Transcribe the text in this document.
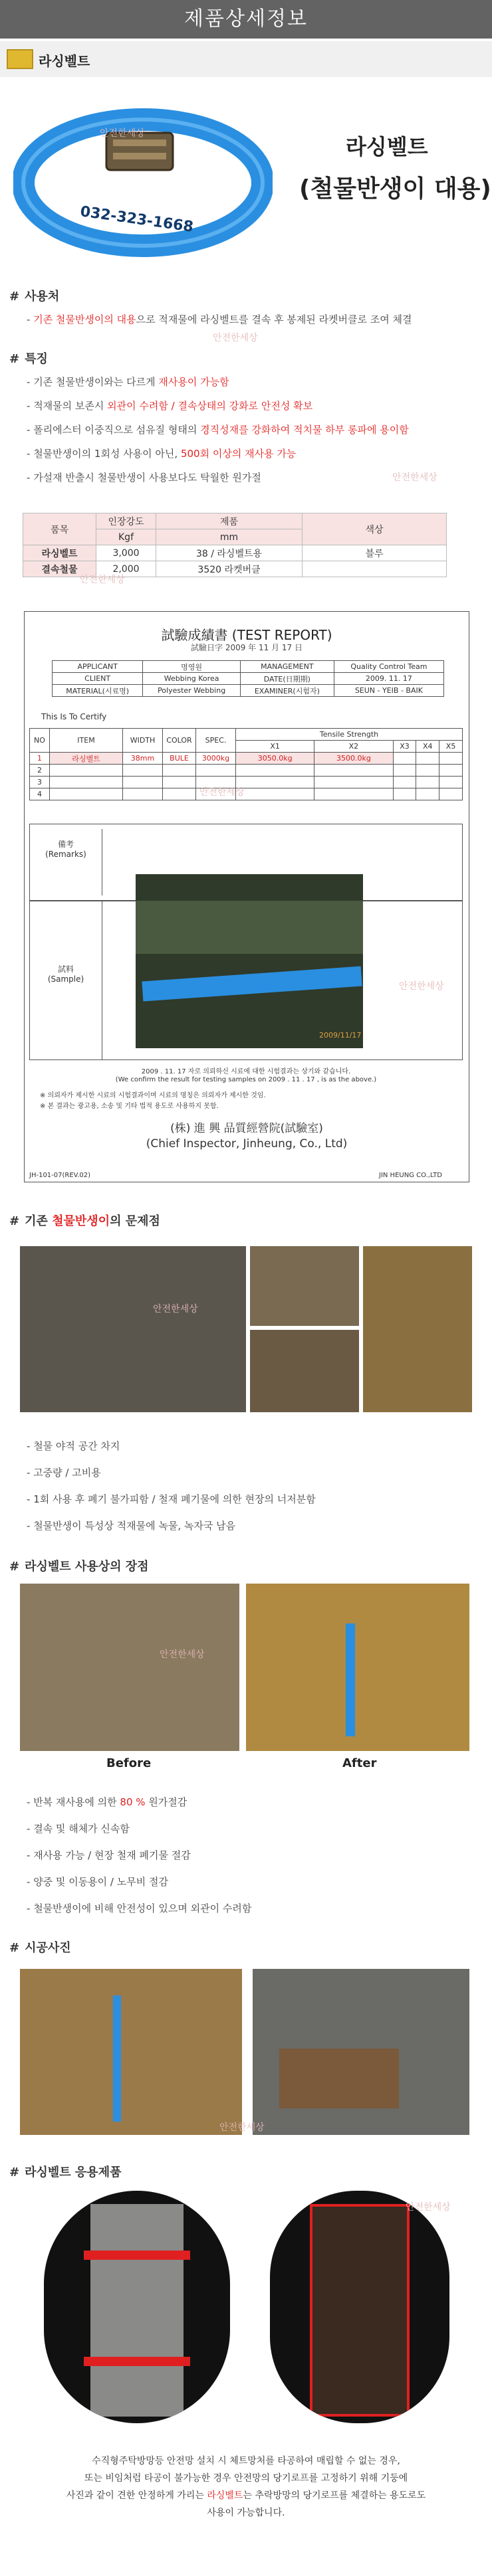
제품상세정보
라싱벨트
032-323-1668
안전한세상
라싱벨트
(철물반생이 대용)
# 사용처
- 기존 철물반생이의 대용으로 적재물에 라싱벨트를 결속 후 봉제된 라켓버클로 조여 체결
안전한세상
# 특징
- 기존 철물반생이와는 다르게 재사용이 가능함
- 적재물의 보존시 외관이 수려함 / 결속상태의 강화로 안전성 확보
- 폴리에스터 이중직으로 섬유질 형태의 경직성재를 강화하여 적치물 하부 롱파에 용이함
- 철물반생이의 1회성 사용이 아닌, 500회 이상의 재사용 가능
- 가설재 반출시 철물반생이 사용보다도 탁월한 원가절	안전한세상
품목	인장강도	제품	색상
	Kgf	mm	
라싱벨트	3,000	38 / 라싱벨트용	블루
결속철물	2,000	3520 라켓버클	
안전한세상
試驗成績書 (TEST REPORT)
試驗日字 2009 年 11 月 17 日
APPLICANT	명영원	MANAGEMENT	Quality Control Team
CLIENT	Webbing Korea	DATE(日期期)	2009. 11. 17
MATERIAL(시료명)	Polyester Webbing	EXAMINER(시험자)	SEUN - YEIB - BAIK
This Is To Certify
NO	ITEM	WIDTH	COLOR	SPEC.	Tensile Strength				
					X1	X2	X3	X4	X5
1	라싱벨트	38mm	BULE	3000kg	3050.0kg	3500.0kg			
2									
3									
4										안전한세상
備考
(Remarks)
試料
(Sample)
2009/11/17
안전한세상
2009 . 11. 17 자로 의뢰하신 시료에 대한 시험결과는 상기와 같습니다.
(We confirm the result for testing samples on 2009 . 11 . 17 , is as the above.)
※ 의뢰자가 제시한 시료의 시험결과이며 시료의 명칭은 의뢰자가 제시한 것임.
※ 본 결과는 광고용, 소송 및 기타 법적 용도로 사용하지 못함.
(株) 進 興 品質經營院(試驗室)
(Chief Inspector, Jinheung, Co., Ltd)
JH-101-07(REV.02)	JIN HEUNG CO.,LTD
# 기존 철물반생이의 문제점
안전한세상
- 철물 야적 공간 차지
- 고중량 / 고비용
- 1회 사용 후 폐기 불가피함 / 철재 폐기물에 의한 현장의 너저분함
- 철물반생이 특성상 적재물에 녹물, 녹자국 남음
# 라싱벨트 사용상의 장점
안전한세상
Before	After
- 반복 재사용에 의한 80 % 원가절감
- 결속 및 해체가 신속함
- 재사용 가능 / 현장 철재 폐기물 절감
- 양중 및 이동용이 / 노무비 절감
- 철물반생이에 비해 안전성이 있으며 외관이 수려함
# 시공사진
안전한세상
# 라싱벨트 응용제품
안전한세상
수직형주탁방망등 안전망 설치 시 체트망처를 타공하여 매립할 수 없는 경우,
또는 비임처럼 타공이 불가능한 경우 안전망의 당기로프를 고정하기 위해 기둥에
사진과 같이 견한 안정하게 가리는 라싱벨트는 추락방망의 당기로프를 체결하는 용도로도
사용이 가능합니다.
